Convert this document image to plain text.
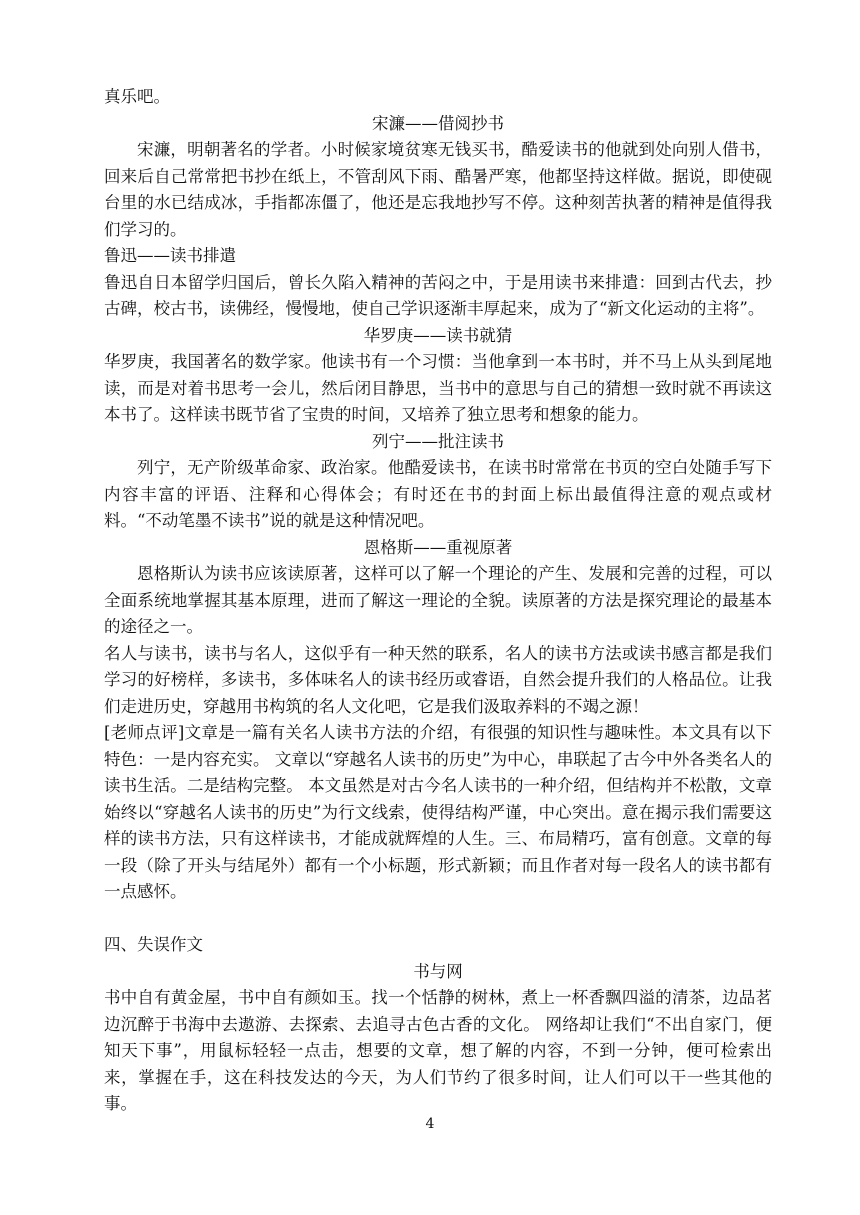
真乐吧。

宋濂——借阅抄书

宋濂，明朝著名的学者。小时候家境贫寒无钱买书，酷爱读书的他就到处向别人借书，回来后自己常常把书抄在纸上，不管刮风下雨、酷暑严寒，他都坚持这样做。据说，即使砚台里的水已结成冰，手指都冻僵了，他还是忘我地抄写不停。这种刻苦执著的精神是值得我们学习的。

鲁迅——读书排遣

鲁迅自日本留学归国后，曾长久陷入精神的苦闷之中，于是用读书来排遣：回到古代去，抄古碑，校古书，读佛经，慢慢地，使自己学识逐渐丰厚起来，成为了“新文化运动的主将”。

华罗庚——读书就猜

华罗庚，我国著名的数学家。他读书有一个习惯：当他拿到一本书时，并不马上从头到尾地读，而是对着书思考一会儿，然后闭目静思，当书中的意思与自己的猜想一致时就不再读这本书了。这样读书既节省了宝贵的时间，又培养了独立思考和想象的能力。

列宁——批注读书

列宁，无产阶级革命家、政治家。他酷爱读书，在读书时常常在书页的空白处随手写下内容丰富的评语、注释和心得体会；有时还在书的封面上标出最值得注意的观点或材料。“不动笔墨不读书”说的就是这种情况吧。

恩格斯——重视原著

恩格斯认为读书应该读原著，这样可以了解一个理论的产生、发展和完善的过程，可以全面系统地掌握其基本原理，进而了解这一理论的全貌。读原著的方法是探究理论的最基本的途径之一。

名人与读书，读书与名人，这似乎有一种天然的联系，名人的读书方法或读书感言都是我们学习的好榜样，多读书，多体味名人的读书经历或睿语，自然会提升我们的人格品位。让我们走进历史，穿越用书构筑的名人文化吧，它是我们汲取养料的不竭之源！

[老师点评]文章是一篇有关名人读书方法的介绍，有很强的知识性与趣味性。本文具有以下特色：一是内容充实。 文章以“穿越名人读书的历史”为中心，串联起了古今中外各类名人的读书生活。二是结构完整。 本文虽然是对古今名人读书的一种介绍，但结构并不松散，文章始终以“穿越名人读书的历史”为行文线索，使得结构严谨，中心突出。意在揭示我们需要这样的读书方法，只有这样读书，才能成就辉煌的人生。三、布局精巧，富有创意。文章的每一段（除了开头与结尾外）都有一个小标题，形式新颖；而且作者对每一段名人的读书都有一点感怀。

四、失误作文

书与网

书中自有黄金屋，书中自有颜如玉。找一个恬静的树林，煮上一杯香飘四溢的清茶，边品茗边沉醉于书海中去遨游、去探索、去追寻古色古香的文化。 网络却让我们“不出自家门，便知天下事”，用鼠标轻轻一点击，想要的文章，想了解的内容，不到一分钟，便可检索出来，掌握在手，这在科技发达的今天，为人们节约了很多时间，让人们可以干一些其他的事。

4
